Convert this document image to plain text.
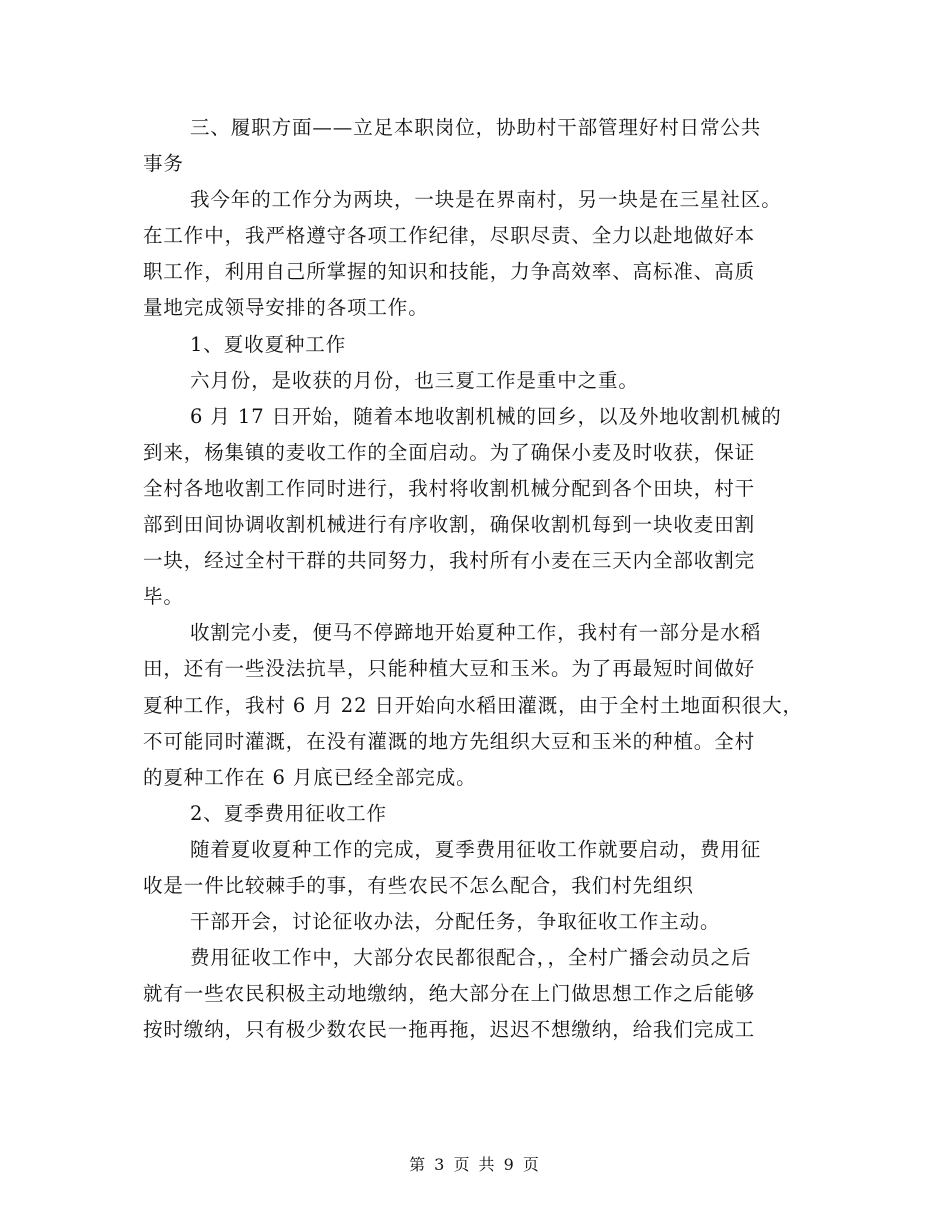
三、履职方面——立足本职岗位，协助村干部管理好村日常公共
事务
我今年的工作分为两块，一块是在界南村，另一块是在三星社区。
在工作中，我严格遵守各项工作纪律，尽职尽责、全力以赴地做好本
职工作，利用自己所掌握的知识和技能，力争高效率、高标准、高质
量地完成领导安排的各项工作。
1、夏收夏种工作
六月份，是收获的月份，也三夏工作是重中之重。
6 月 17 日开始，随着本地收割机械的回乡，以及外地收割机械的
到来，杨集镇的麦收工作的全面启动。为了确保小麦及时收获，保证
全村各地收割工作同时进行，我村将收割机械分配到各个田块，村干
部到田间协调收割机械进行有序收割，确保收割机每到一块收麦田割
一块，经过全村干群的共同努力，我村所有小麦在三天内全部收割完
毕。
收割完小麦，便马不停蹄地开始夏种工作，我村有一部分是水稻
田，还有一些没法抗旱，只能种植大豆和玉米。为了再最短时间做好
夏种工作，我村 6 月 22 日开始向水稻田灌溉，由于全村土地面积很大，
不可能同时灌溉，在没有灌溉的地方先组织大豆和玉米的种植。全村
的夏种工作在 6 月底已经全部完成。
2、夏季费用征收工作
随着夏收夏种工作的完成，夏季费用征收工作就要启动，费用征
收是一件比较棘手的事，有些农民不怎么配合，我们村先组织
干部开会，讨论征收办法，分配任务，争取征收工作主动。
费用征收工作中，大部分农民都很配合，，全村广播会动员之后
就有一些农民积极主动地缴纳，绝大部分在上门做思想工作之后能够
按时缴纳，只有极少数农民一拖再拖，迟迟不想缴纳，给我们完成工
第 3 页 共 9 页
